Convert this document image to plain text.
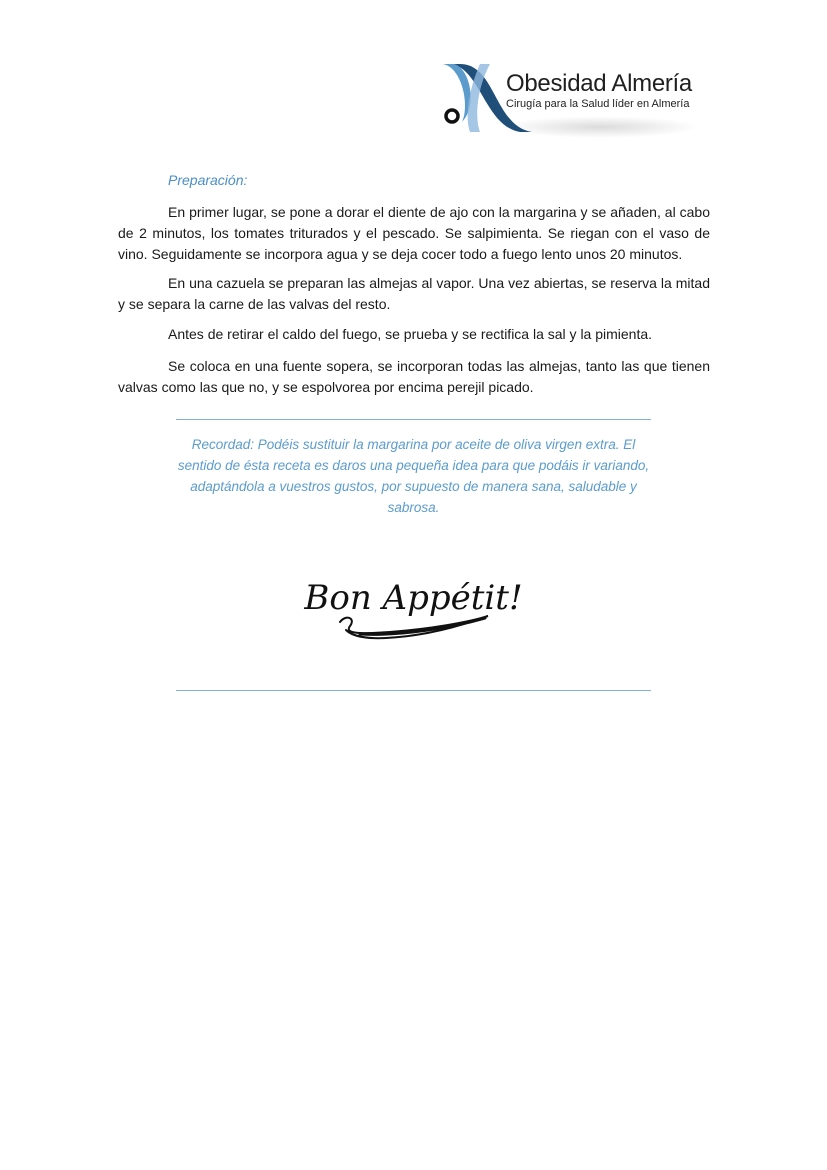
Obesidad Almería
Cirugía para la Salud líder en Almería
Preparación:

En primer lugar, se pone a dorar el diente de ajo con la margarina y se añaden, al cabo de 2 minutos, los tomates triturados y el pescado. Se salpimienta. Se riegan con el vaso de vino. Seguidamente se incorpora agua y se deja cocer todo a fuego lento unos 20 minutos.

En una cazuela se preparan las almejas al vapor. Una vez abiertas, se reserva la mitad y se separa la carne de las valvas del resto.

Antes de retirar el caldo del fuego, se prueba y se rectifica la sal y la pimienta.

Se coloca en una fuente sopera, se incorporan todas las almejas, tanto las que tienen valvas como las que no, y se espolvorea por encima perejil picado.

Recordad: Podéis sustituir la margarina por aceite de oliva virgen extra. El sentido de ésta receta es daros una pequeña idea para que podáis ir variando, adaptándola a vuestros gustos, por supuesto de manera sana, saludable y sabrosa.
Bon Appétit!
